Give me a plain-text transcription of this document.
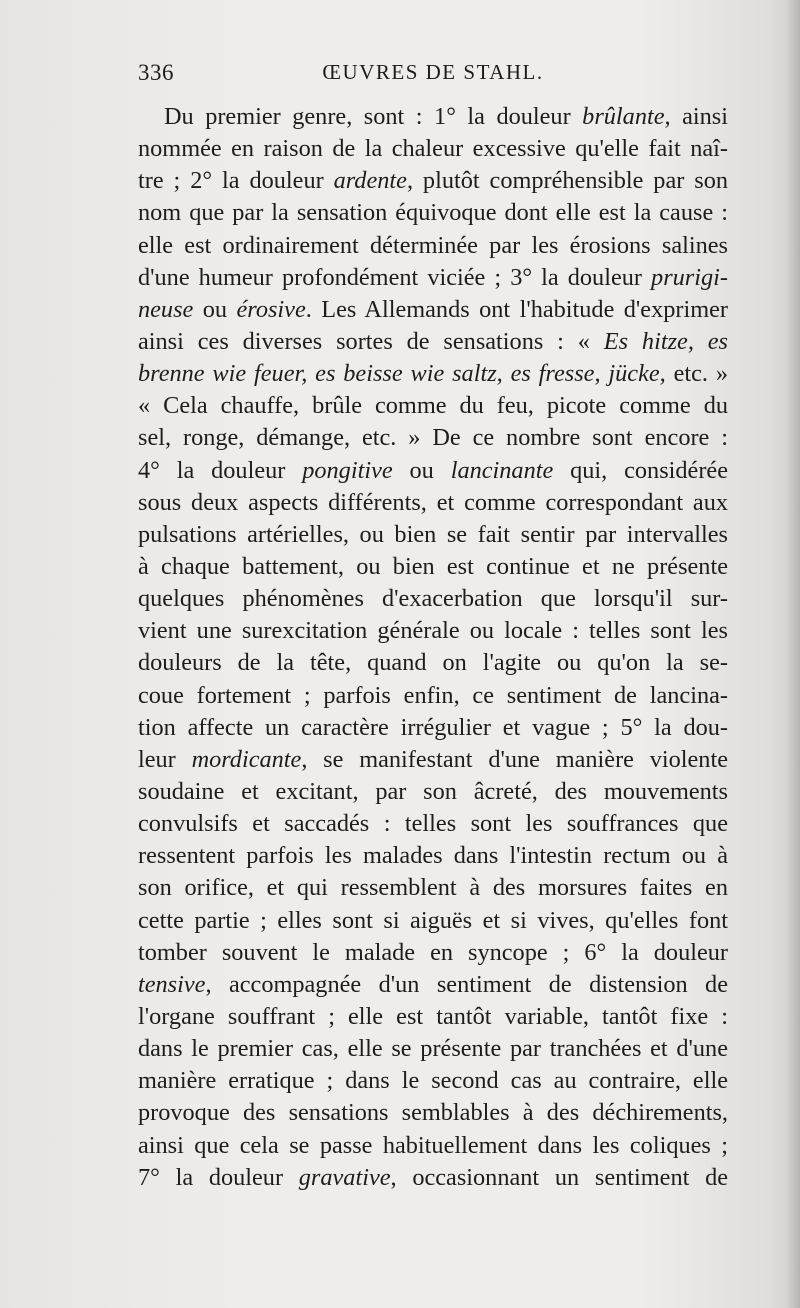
336	ŒUVRES DE STAHL.
Du premier genre, sont : 1° la douleur brûlante, ainsi
nommée en raison de la chaleur excessive qu'elle fait naî-
tre ; 2° la douleur ardente, plutôt compréhensible par son
nom que par la sensation équivoque dont elle est la cause :
elle est ordinairement déterminée par les érosions salines
d'une humeur profondément viciée ; 3° la douleur prurigi-
neuse ou érosive. Les Allemands ont l'habitude d'exprimer
ainsi ces diverses sortes de sensations : « Es hitze, es
brenne wie feuer, es beisse wie saltz, es fresse, jücke, etc. »
« Cela chauffe, brûle comme du feu, picote comme du
sel, ronge, démange, etc. » De ce nombre sont encore :
4° la douleur pongitive ou lancinante qui, considérée
sous deux aspects différents, et comme correspondant aux
pulsations artérielles, ou bien se fait sentir par intervalles
à chaque battement, ou bien est continue et ne présente
quelques phénomènes d'exacerbation que lorsqu'il sur-
vient une surexcitation générale ou locale : telles sont les
douleurs de la tête, quand on l'agite ou qu'on la se-
coue fortement ; parfois enfin, ce sentiment de lancina-
tion affecte un caractère irrégulier et vague ; 5° la dou-
leur mordicante, se manifestant d'une manière violente
soudaine et excitant, par son âcreté, des mouvements
convulsifs et saccadés : telles sont les souffrances que
ressentent parfois les malades dans l'intestin rectum ou à
son orifice, et qui ressemblent à des morsures faites en
cette partie ; elles sont si aiguës et si vives, qu'elles font
tomber souvent le malade en syncope ; 6° la douleur
tensive, accompagnée d'un sentiment de distension de
l'organe souffrant ; elle est tantôt variable, tantôt fixe :
dans le premier cas, elle se présente par tranchées et d'une
manière erratique ; dans le second cas au contraire, elle
provoque des sensations semblables à des déchirements,
ainsi que cela se passe habituellement dans les coliques ;
7° la douleur gravative, occasionnant un sentiment de
